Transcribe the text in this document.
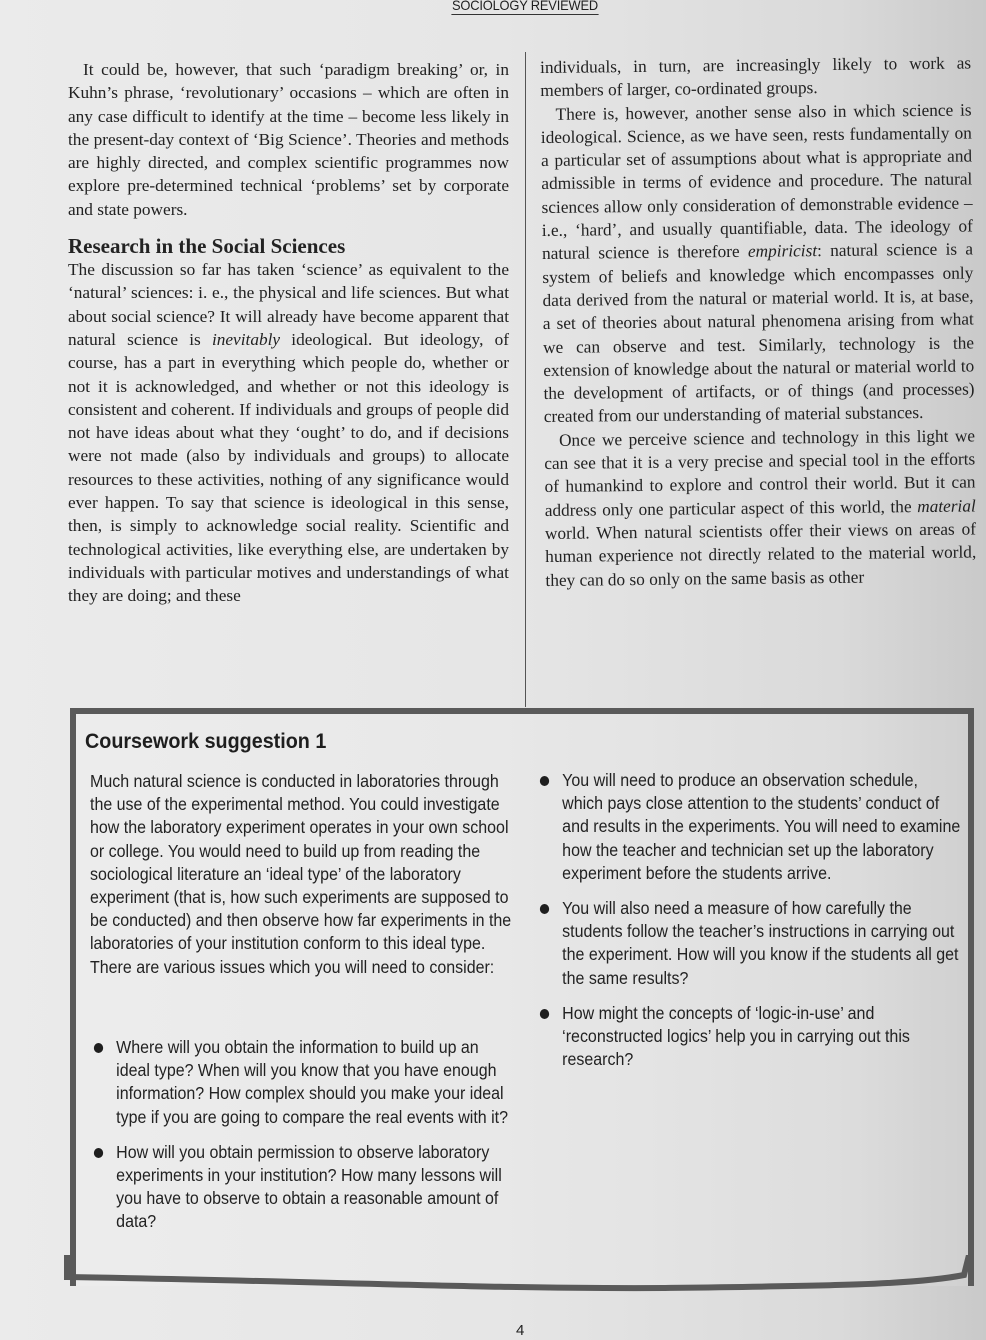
SOCIOLOGY REVIEWED

It could be, however, that such ‘paradigm breaking’ or, in Kuhn’s phrase, ‘revolutionary’ occasions – which are often in any case difficult to identify at the time – become less likely in the present-day context of ‘Big Science’. Theories and methods are highly directed, and complex scientific programmes now explore pre-determined technical ‘problems’ set by corporate and state powers.

Research in the Social Sciences

The discussion so far has taken ‘science’ as equivalent to the ‘natural’ sciences: i. e., the physical and life sciences. But what about social science? It will already have become apparent that natural science is inevitably ideological. But ideology, of course, has a part in everything which people do, whether or not it is acknowledged, and whether or not this ideology is consistent and coherent. If individuals and groups of people did not have ideas about what they ‘ought’ to do, and if decisions were not made (also by individuals and groups) to allocate resources to these activities, nothing of any significance would ever happen. To say that science is ideological in this sense, then, is simply to acknowledge social reality. Scientific and technological activities, like everything else, are undertaken by individuals with particular motives and understandings of what they are doing; and these

individuals, in turn, are increasingly likely to work as members of larger, co-ordinated groups.

There is, however, another sense also in which science is ideological. Science, as we have seen, rests fundamentally on a particular set of assumptions about what is appropriate and admissible in terms of evidence and procedure. The natural sciences allow only consideration of demonstrable evidence – i.e., ‘hard’, and usually quantifiable, data. The ideology of natural science is therefore empiricist: natural science is a system of beliefs and knowledge which encompasses only data derived from the natural or material world. It is, at base, a set of theories about natural phenomena arising from what we can observe and test. Similarly, technology is the extension of knowledge about the natural or material world to the development of artifacts, or of things (and processes) created from our understanding of material substances.

Once we perceive science and technology in this light we can see that it is a very precise and special tool in the efforts of humankind to explore and control their world. But it can address only one particular aspect of this world, the material world. When natural scientists offer their views on areas of human experience not directly related to the material world, they can do so only on the same basis as other

Coursework suggestion 1
Much natural science is conducted in laboratories through the use of the experimental method. You could investigate how the laboratory experiment operates in your own school or college. You would need to build up from reading the sociological literature an ‘ideal type’ of the laboratory experiment (that is, how such experiments are supposed to be conducted) and then observe how far experiments in the laboratories of your institution conform to this ideal type. There are various issues which you will need to consider:
Where will you obtain the information to build up an ideal type? When will you know that you have enough information? How complex should you make your ideal type if you are going to compare the real events with it?
How will you obtain permission to observe laboratory experiments in your institution? How many lessons will you have to observe to obtain a reasonable amount of data?
You will need to produce an observation schedule, which pays close attention to the students’ conduct of and results in the experiments. You will need to examine how the teacher and technician set up the laboratory experiment before the students arrive.
You will also need a measure of how carefully the students follow the teacher’s instructions in carrying out the experiment. How will you know if the students all get the same results?
How might the concepts of ‘logic-in-use’ and ‘reconstructed logics’ help you in carrying out this research?
4
